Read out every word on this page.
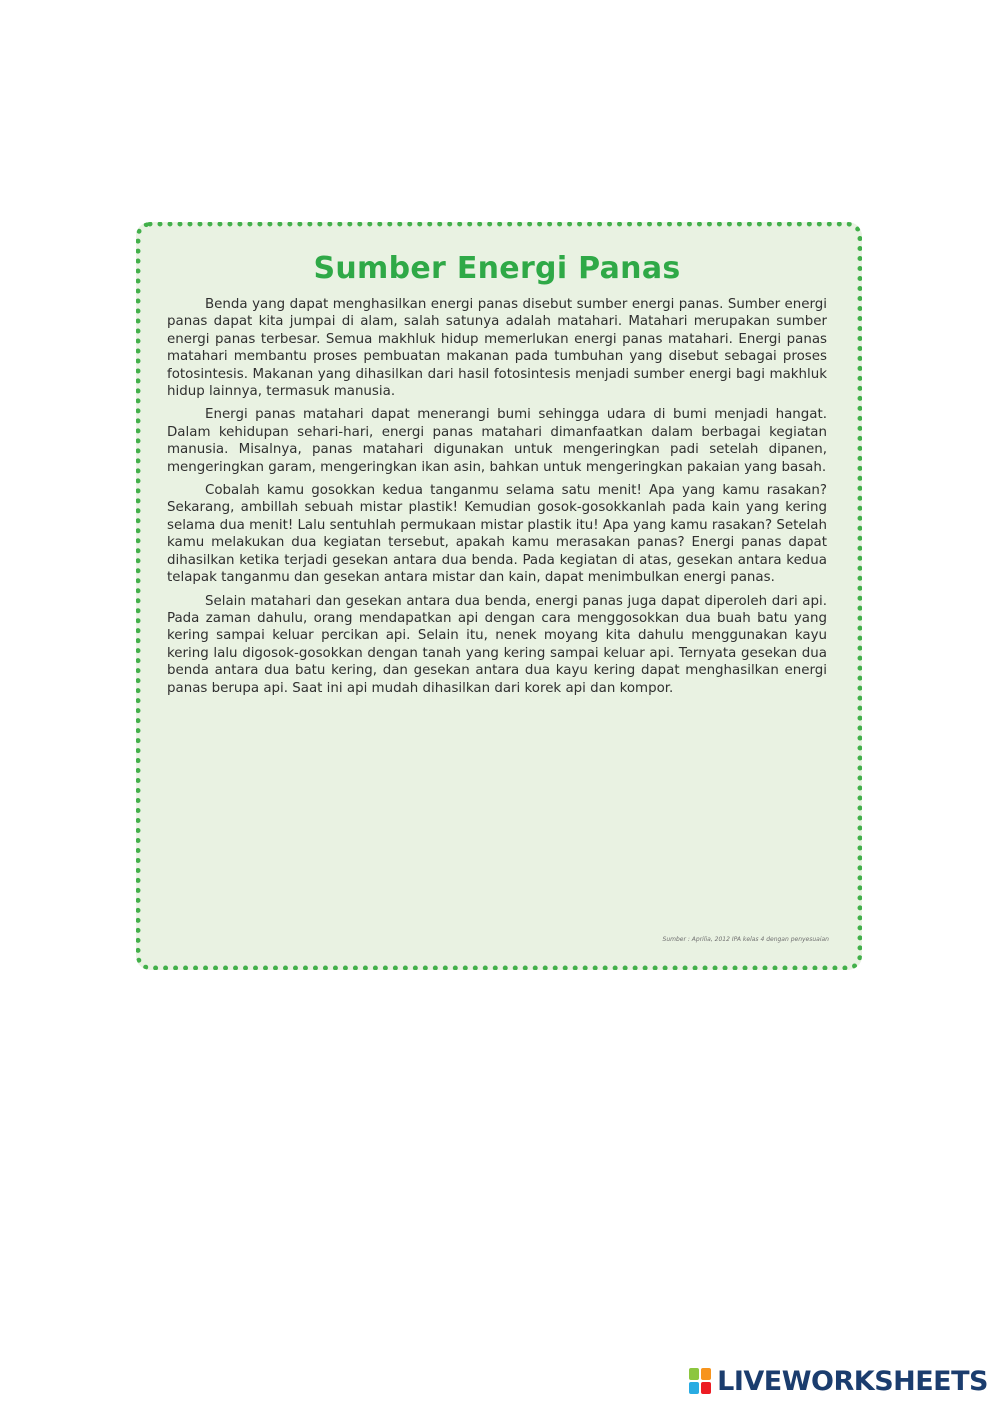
Sumber Energi Panas

Benda yang dapat menghasilkan energi panas disebut sumber energi panas. Sumber energi panas dapat kita jumpai di alam, salah satunya adalah matahari. Matahari merupakan sumber energi panas terbesar. Semua makhluk hidup memerlukan energi panas matahari. Energi panas matahari membantu proses pembuatan makanan pada tumbuhan yang disebut sebagai proses fotosintesis. Makanan yang dihasilkan dari hasil fotosintesis menjadi sumber energi bagi makhluk hidup lainnya, termasuk manusia.

Energi panas matahari dapat menerangi bumi sehingga udara di bumi menjadi hangat. Dalam kehidupan sehari-hari, energi panas matahari dimanfaatkan dalam berbagai kegiatan manusia. Misalnya, panas matahari digunakan untuk mengeringkan padi setelah dipanen, mengeringkan garam, mengeringkan ikan asin, bahkan untuk mengeringkan pakaian yang basah.

Cobalah kamu gosokkan kedua tanganmu selama satu menit! Apa yang kamu rasakan? Sekarang, ambillah sebuah mistar plastik! Kemudian gosok-gosokkanlah pada kain yang kering selama dua menit! Lalu sentuhlah permukaan mistar plastik itu! Apa yang kamu rasakan? Setelah kamu melakukan dua kegiatan tersebut, apakah kamu merasakan panas? Energi panas dapat dihasilkan ketika terjadi gesekan antara dua benda. Pada kegiatan di atas, gesekan antara kedua telapak tanganmu dan gesekan antara mistar dan kain, dapat menimbulkan energi panas.

Selain matahari dan gesekan antara dua benda, energi panas juga dapat diperoleh dari api. Pada zaman dahulu, orang mendapatkan api dengan cara menggosokkan dua buah batu yang kering sampai keluar percikan api. Selain itu, nenek moyang kita dahulu menggunakan kayu kering lalu digosok-gosokkan dengan tanah yang kering sampai keluar api. Ternyata gesekan dua benda antara dua batu kering, dan gesekan antara dua kayu kering dapat menghasilkan energi panas berupa api. Saat ini api mudah dihasilkan dari korek api dan kompor.

Sumber : Aprilia, 2012 IPA kelas 4 dengan penyesuaian
LIVEWORKSHEETS
